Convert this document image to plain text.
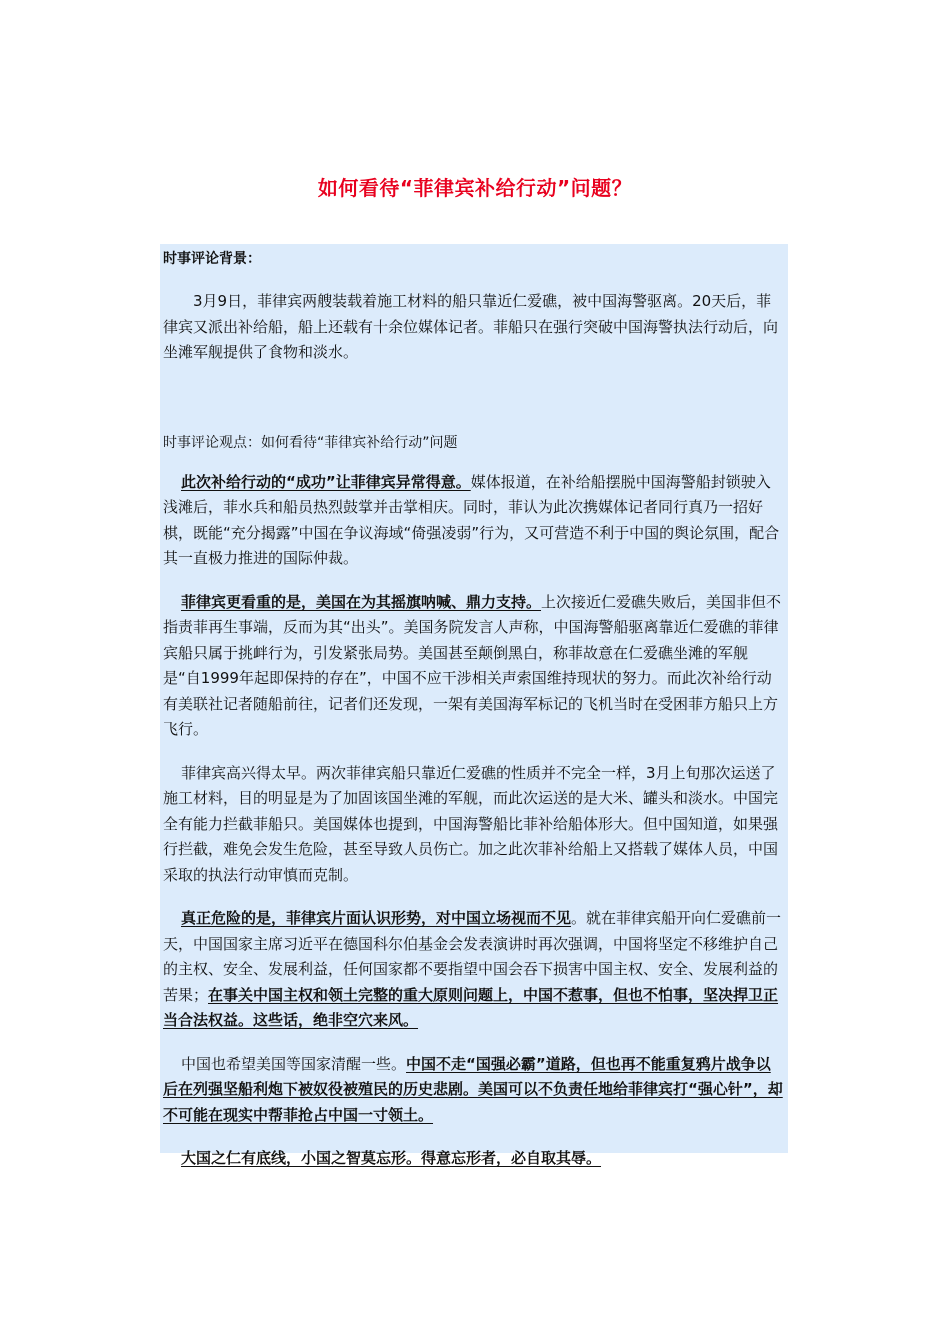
如何看待“菲律宾补给行动”问题？
时事评论背景：

3月9日，菲律宾两艘装载着施工材料的船只靠近仁爱礁，被中国海警驱离。20天后，菲律宾又派出补给船，船上还载有十余位媒体记者。菲船只在强行突破中国海警执法行动后，向坐滩军舰提供了食物和淡水。

时事评论观点：如何看待“菲律宾补给行动”问题

此次补给行动的“成功”让菲律宾异常得意。媒体报道，在补给船摆脱中国海警船封锁驶入浅滩后，菲水兵和船员热烈鼓掌并击掌相庆。同时，菲认为此次携媒体记者同行真乃一招好棋，既能“充分揭露”中国在争议海域“倚强凌弱”行为，又可营造不利于中国的舆论氛围，配合其一直极力推进的国际仲裁。

菲律宾更看重的是，美国在为其摇旗呐喊、鼎力支持。上次接近仁爱礁失败后，美国非但不指责菲再生事端，反而为其“出头”。美国务院发言人声称，中国海警船驱离靠近仁爱礁的菲律宾船只属于挑衅行为，引发紧张局势。美国甚至颠倒黑白，称菲故意在仁爱礁坐滩的军舰是“自1999年起即保持的存在”，中国不应干涉相关声索国维持现状的努力。而此次补给行动有美联社记者随船前往，记者们还发现，一架有美国海军标记的飞机当时在受困菲方船只上方飞行。

菲律宾高兴得太早。两次菲律宾船只靠近仁爱礁的性质并不完全一样，3月上旬那次运送了施工材料，目的明显是为了加固该国坐滩的军舰，而此次运送的是大米、罐头和淡水。中国完全有能力拦截菲船只。美国媒体也提到，中国海警船比菲补给船体形大。但中国知道，如果强行拦截，难免会发生危险，甚至导致人员伤亡。加之此次菲补给船上又搭载了媒体人员，中国采取的执法行动审慎而克制。

真正危险的是，菲律宾片面认识形势，对中国立场视而不见。就在菲律宾船开向仁爱礁前一天，中国国家主席习近平在德国科尔伯基金会发表演讲时再次强调，中国将坚定不移维护自己的主权、安全、发展利益，任何国家都不要指望中国会吞下损害中国主权、安全、发展利益的苦果；在事关中国主权和领土完整的重大原则问题上，中国不惹事，但也不怕事，坚决捍卫正当合法权益。这些话，绝非空穴来风。

中国也希望美国等国家清醒一些。中国不走“国强必霸”道路，但也再不能重复鸦片战争以后在列强坚船利炮下被奴役被殖民的历史悲剧。美国可以不负责任地给菲律宾打“强心针”，却不可能在现实中帮菲抢占中国一寸领土。

大国之仁有底线，小国之智莫忘形。得意忘形者，必自取其辱。
